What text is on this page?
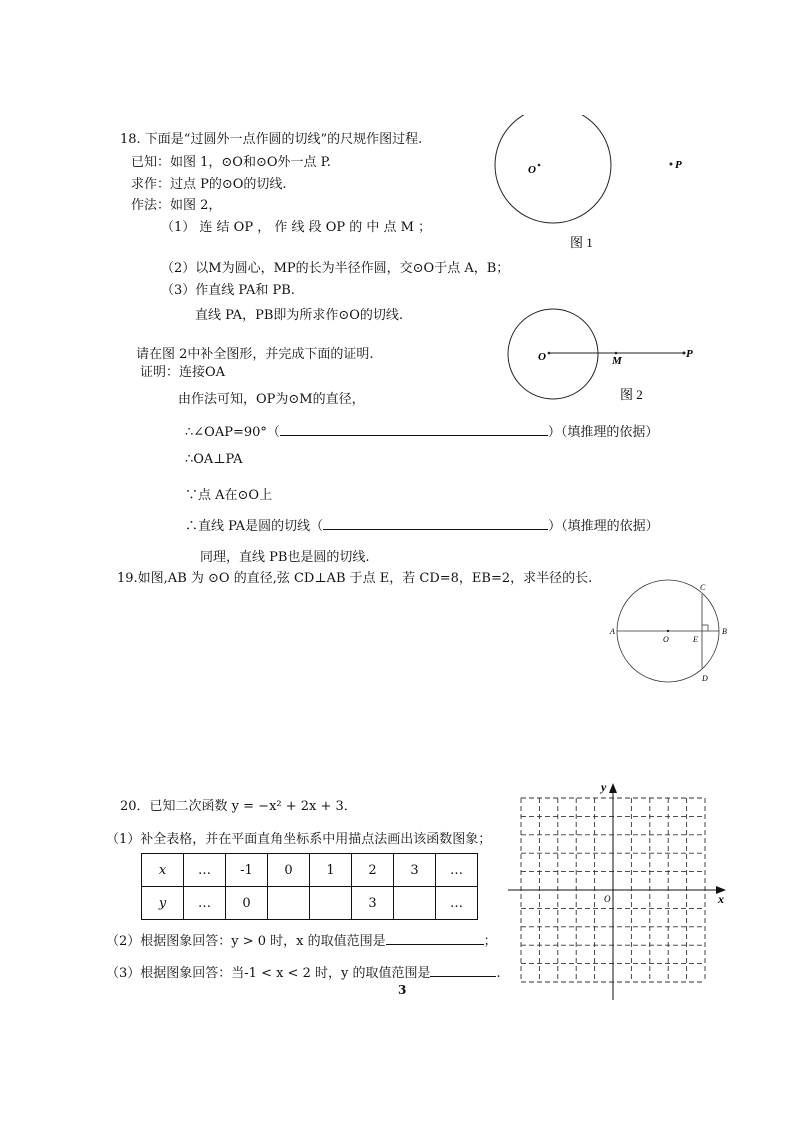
18. 下面是“过圆外一点作圆的切线”的尺规作图过程.
已知：如图 1，⊙O和⊙O外一点 P.
求作：过点 P的⊙O的切线.
作法：如图 2，
（1） 连 结 OP ， 作 线 段 OP 的 中 点 M ；
（2）以M为圆心，MP的长为半径作圆，交⊙O于点 A，B；
（3）作直线 PA和 PB.
直线 PA，PB即为所求作⊙O的切线.
请在图 2中补全图形，并完成下面的证明.
证明：连接OA
由作法可知，OP为⊙M的直径，
∴∠OAP=90°（	）（填推理的依据）
∴OA⊥PA
∵点 A在⊙O上
∴直线 PA是圆的切线（	）（填推理的依据）
同理，直线 PB也是圆的切线.
O	P
图 1
O	M
P
图 2
19.如图,AB 为 ⊙O 的直径,弦 CD⊥AB 于点 E，若 CD=8，EB=2，求半径的长.
A	B
C
D
E
O
20．已知二次函数 y = −x² + 2x + 3．
（1）补全表格，并在平面直角坐标系中用描点法画出该函数图象；
x	…	-1	0	1	2	3	…
y	…	0			3		…
（2）根据图象回答：y > 0 时，x 的取值范围是	；
（3）根据图象回答：当-1 < x < 2 时，y 的取值范围是	.
3
x
y
O
